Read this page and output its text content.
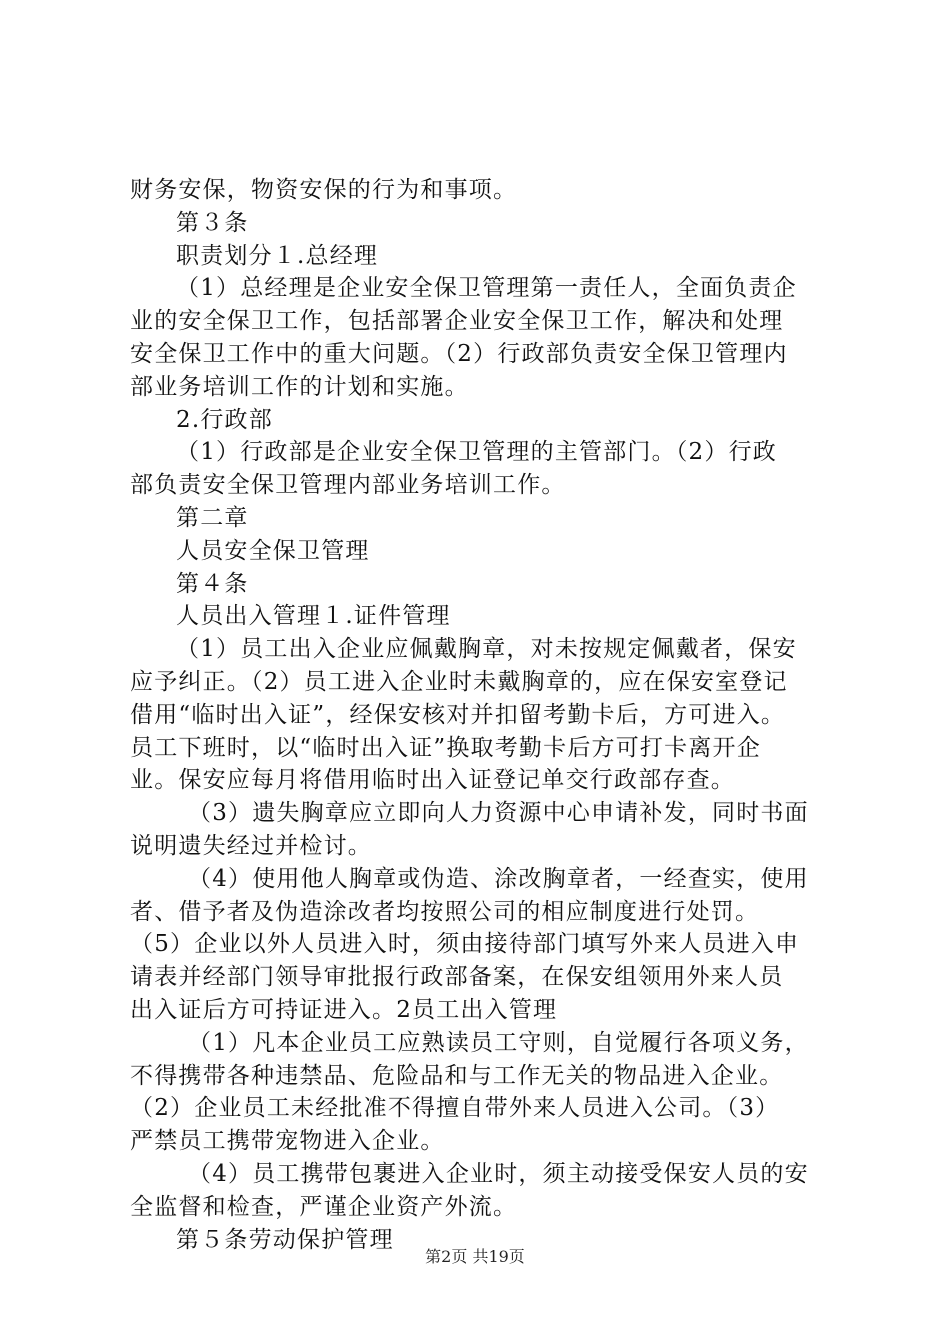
财务安保，物资安保的行为和事项。
第３条
职责划分１.总经理
（1）总经理是企业安全保卫管理第一责任人，全面负责企
业的安全保卫工作，包括部署企业安全保卫工作，解决和处理
安全保卫工作中的重大问题。（2）行政部负责安全保卫管理内
部业务培训工作的计划和实施。
2.行政部
（1）行政部是企业安全保卫管理的主管部门。（2）行政
部负责安全保卫管理内部业务培训工作。
第二章
人员安全保卫管理
第４条
人员出入管理１.证件管理
（1）员工出入企业应佩戴胸章，对未按规定佩戴者，保安
应予纠正。（2）员工进入企业时未戴胸章的，应在保安室登记
借用“临时出入证”，经保安核对并扣留考勤卡后，方可进入。
员工下班时，以“临时出入证”换取考勤卡后方可打卡离开企
业。保安应每月将借用临时出入证登记单交行政部存查。
（3）遗失胸章应立即向人力资源中心申请补发，同时书面
说明遗失经过并检讨。
（4）使用他人胸章或伪造、涂改胸章者，一经查实，使用
者、借予者及伪造涂改者均按照公司的相应制度进行处罚。
（5）企业以外人员进入时，须由接待部门填写外来人员进入申
请表并经部门领导审批报行政部备案，在保安组领用外来人员
出入证后方可持证进入。2员工出入管理
（1）凡本企业员工应熟读员工守则，自觉履行各项义务，
不得携带各种违禁品、危险品和与工作无关的物品进入企业。
（2）企业员工未经批准不得擅自带外来人员进入公司。（3）
严禁员工携带宠物进入企业。
（4）员工携带包裹进入企业时，须主动接受保安人员的安
全监督和检查，严谨企业资产外流。
第５条劳动保护管理
第2页 共19页
